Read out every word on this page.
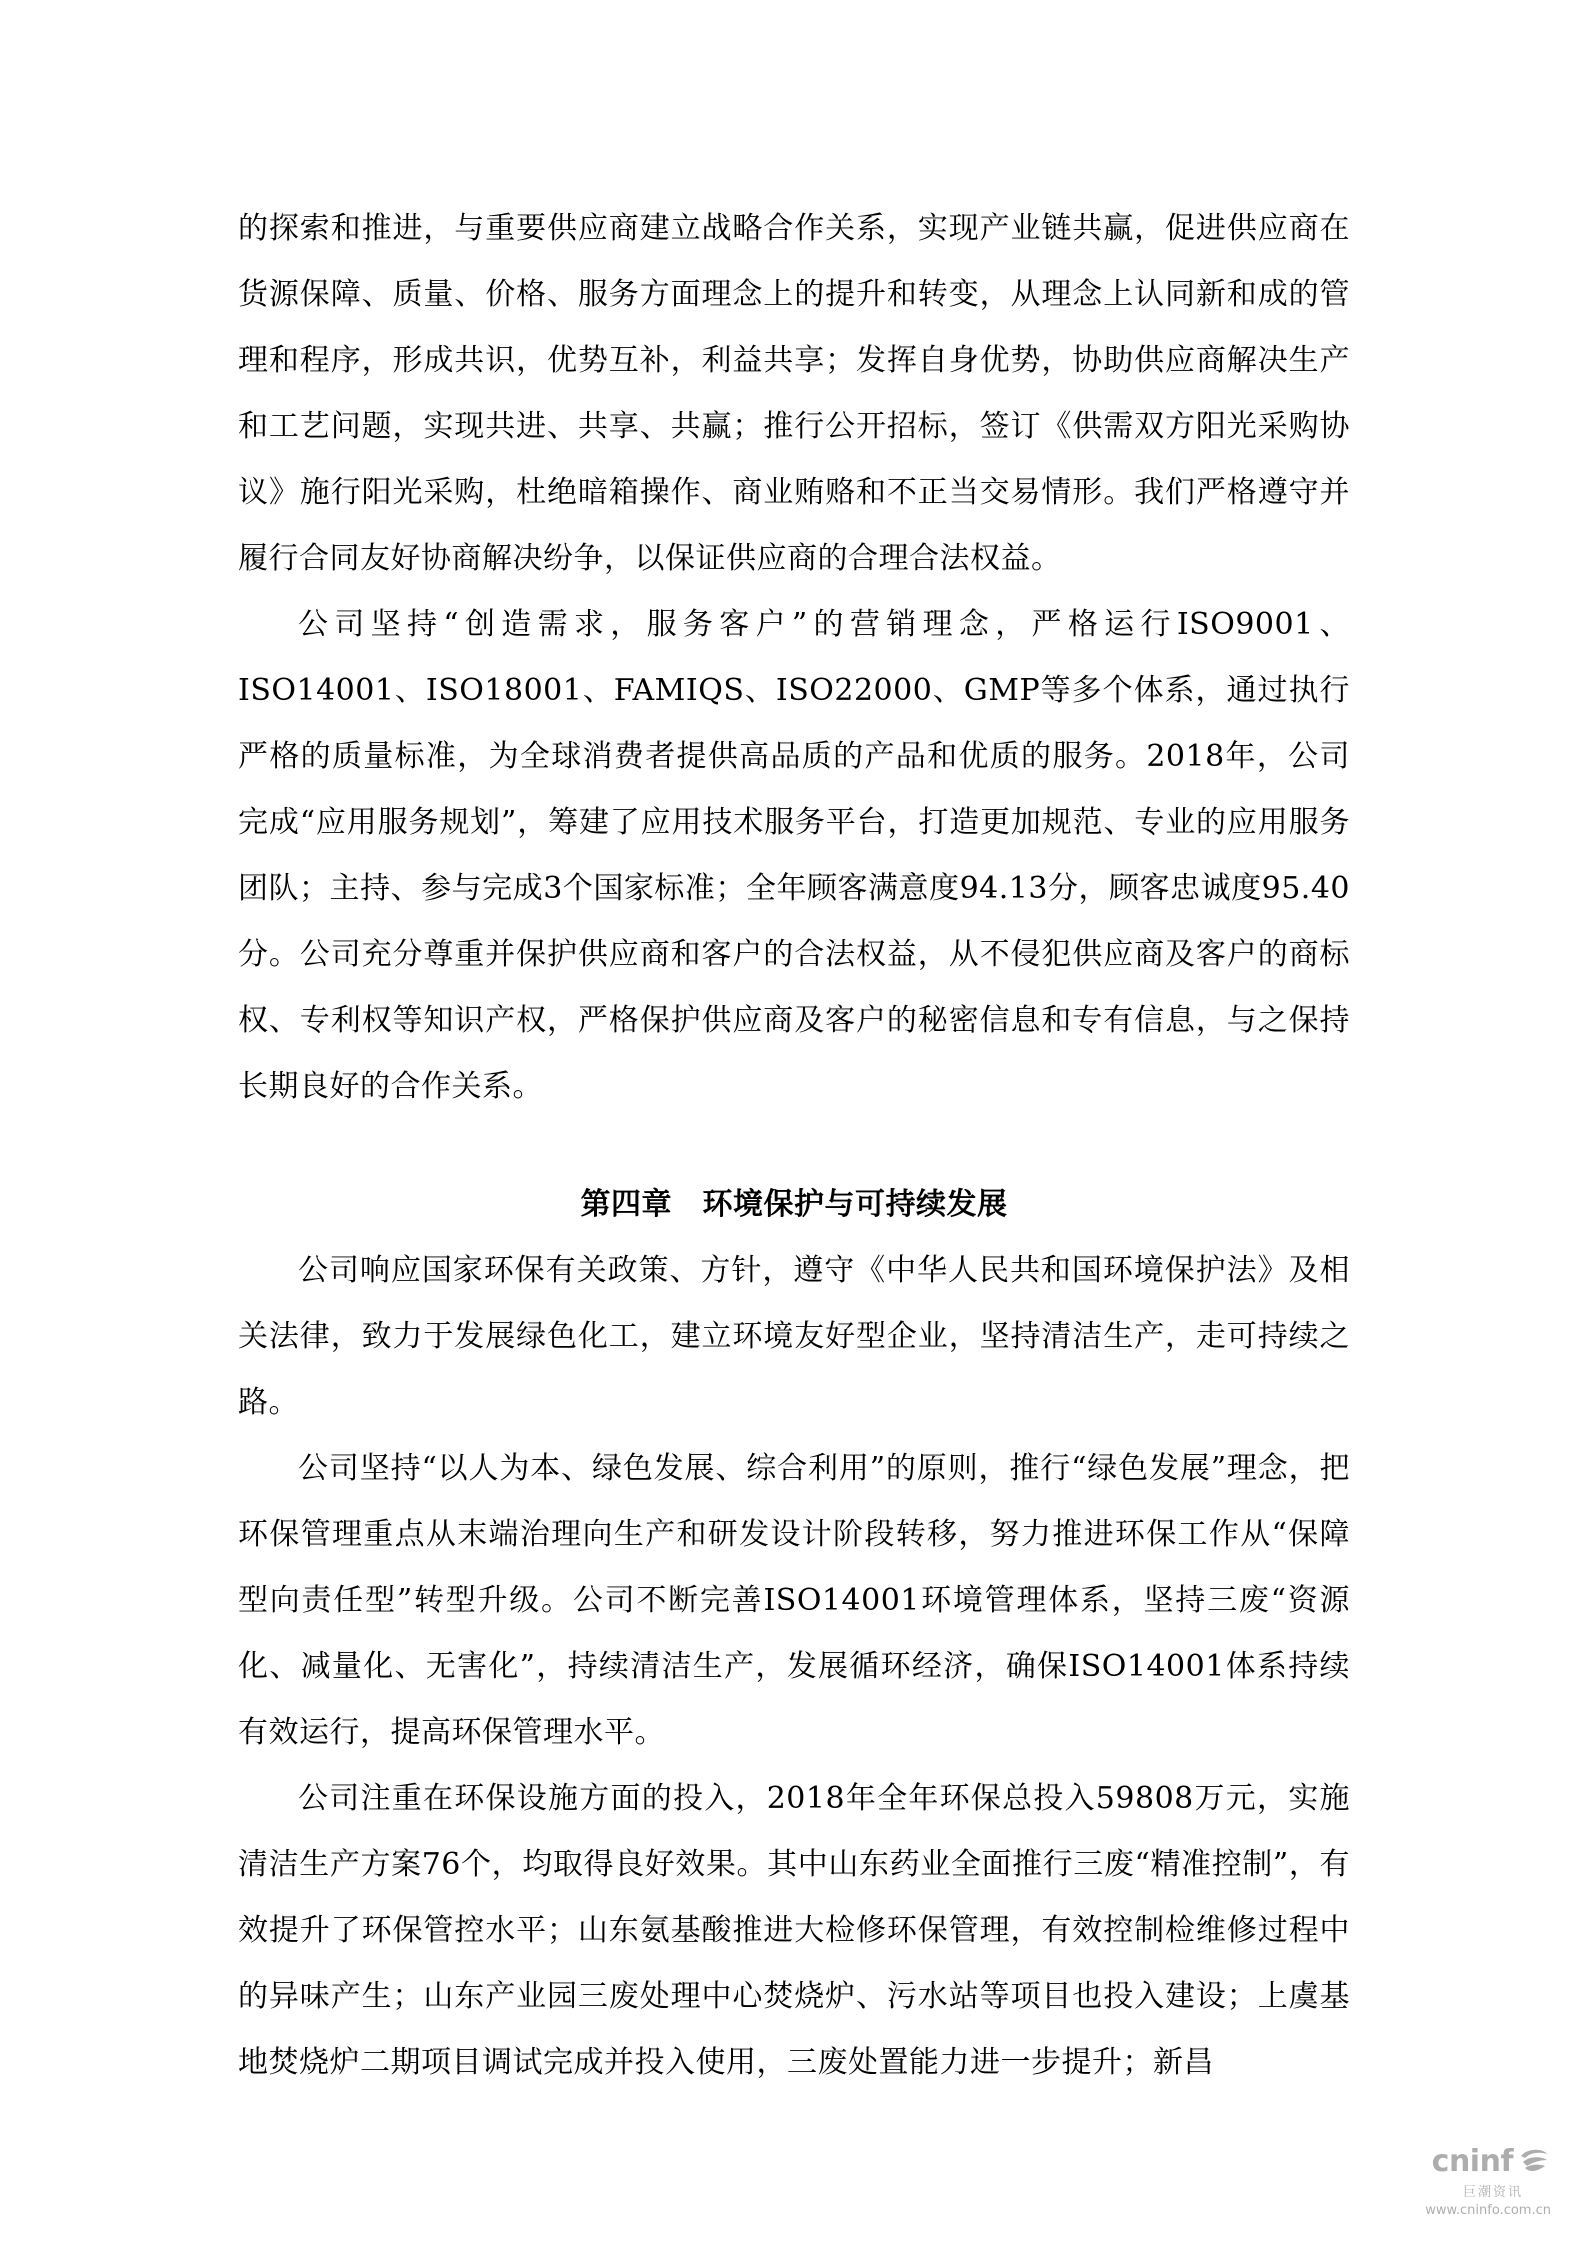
的探索和推进，与重要供应商建立战略合作关系，实现产业链共赢，促进供应商在货源保障、质量、价格、服务方面理念上的提升和转变，从理念上认同新和成的管理和程序，形成共识，优势互补，利益共享；发挥自身优势，协助供应商解决生产和工艺问题，实现共进、共享、共赢；推行公开招标，签订《供需双方阳光采购协议》施行阳光采购，杜绝暗箱操作、商业贿赂和不正当交易情形。我们严格遵守并履行合同友好协商解决纷争，以保证供应商的合理合法权益。

公司坚持“创造需求，服务客户”的营销理念，严格运行ISO9001、ISO14001、ISO18001、FAMIQS、ISO22000、GMP等多个体系，通过执行严格的质量标准，为全球消费者提供高品质的产品和优质的服务。2018年，公司完成“应用服务规划”，筹建了应用技术服务平台，打造更加规范、专业的应用服务团队；主持、参与完成3个国家标准；全年顾客满意度94.13分，顾客忠诚度95.40分。公司充分尊重并保护供应商和客户的合法权益，从不侵犯供应商及客户的商标权、专利权等知识产权，严格保护供应商及客户的秘密信息和专有信息，与之保持长期良好的合作关系。

第四章　环境保护与可持续发展

公司响应国家环保有关政策、方针，遵守《中华人民共和国环境保护法》及相关法律，致力于发展绿色化工，建立环境友好型企业，坚持清洁生产，走可持续之路。

公司坚持“以人为本、绿色发展、综合利用”的原则，推行“绿色发展”理念，把环保管理重点从末端治理向生产和研发设计阶段转移，努力推进环保工作从“保障型向责任型”转型升级。公司不断完善ISO14001环境管理体系，坚持三废“资源化、减量化、无害化”，持续清洁生产，发展循环经济，确保ISO14001体系持续有效运行，提高环保管理水平。

公司注重在环保设施方面的投入，2018年全年环保总投入59808万元，实施清洁生产方案76个，均取得良好效果。其中山东药业全面推行三废“精准控制”，有效提升了环保管控水平；山东氨基酸推进大检修环保管理，有效控制检维修过程中的异味产生；山东产业园三废处理中心焚烧炉、污水站等项目也投入建设；上虞基地焚烧炉二期项目调试完成并投入使用，三废处置能力进一步提升；新昌

cninf
巨潮资讯
www.cninfo.com.cn
